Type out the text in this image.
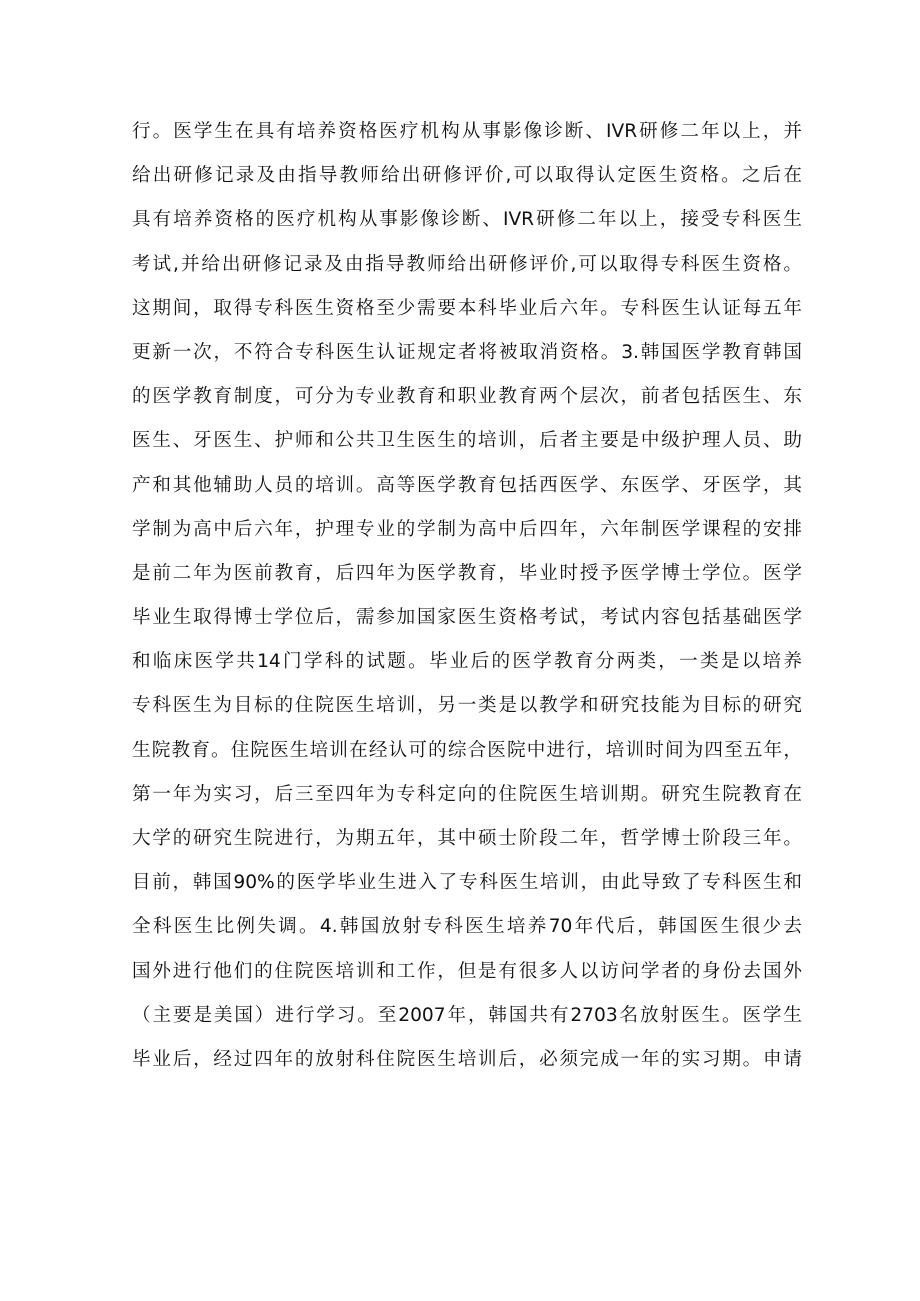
行。医学生在具有培养资格医疗机构从事影像诊断、IVR研修二年以上，并
给出研修记录及由指导教师给出研修评价,可以取得认定医生资格。之后在
具有培养资格的医疗机构从事影像诊断、IVR研修二年以上，接受专科医生
考试,并给出研修记录及由指导教师给出研修评价,可以取得专科医生资格。
这期间，取得专科医生资格至少需要本科毕业后六年。专科医生认证每五年
更新一次，不符合专科医生认证规定者将被取消资格。3.韩国医学教育韩国
的医学教育制度，可分为专业教育和职业教育两个层次，前者包括医生、东
医生、牙医生、护师和公共卫生医生的培训，后者主要是中级护理人员、助
产和其他辅助人员的培训。高等医学教育包括西医学、东医学、牙医学，其
学制为高中后六年，护理专业的学制为高中后四年，六年制医学课程的安排
是前二年为医前教育，后四年为医学教育，毕业时授予医学博士学位。医学
毕业生取得博士学位后，需参加国家医生资格考试，考试内容包括基础医学
和临床医学共14门学科的试题。毕业后的医学教育分两类，一类是以培养
专科医生为目标的住院医生培训，另一类是以教学和研究技能为目标的研究
生院教育。住院医生培训在经认可的综合医院中进行，培训时间为四至五年，
第一年为实习，后三至四年为专科定向的住院医生培训期。研究生院教育在
大学的研究生院进行，为期五年，其中硕士阶段二年，哲学博士阶段三年。
目前，韩国90%的医学毕业生进入了专科医生培训，由此导致了专科医生和
全科医生比例失调。4.韩国放射专科医生培养70年代后，韩国医生很少去
国外进行他们的住院医培训和工作，但是有很多人以访问学者的身份去国外
（主要是美国）进行学习。至2007年，韩国共有2703名放射医生。医学生
毕业后，经过四年的放射科住院医生培训后，必须完成一年的实习期。申请
